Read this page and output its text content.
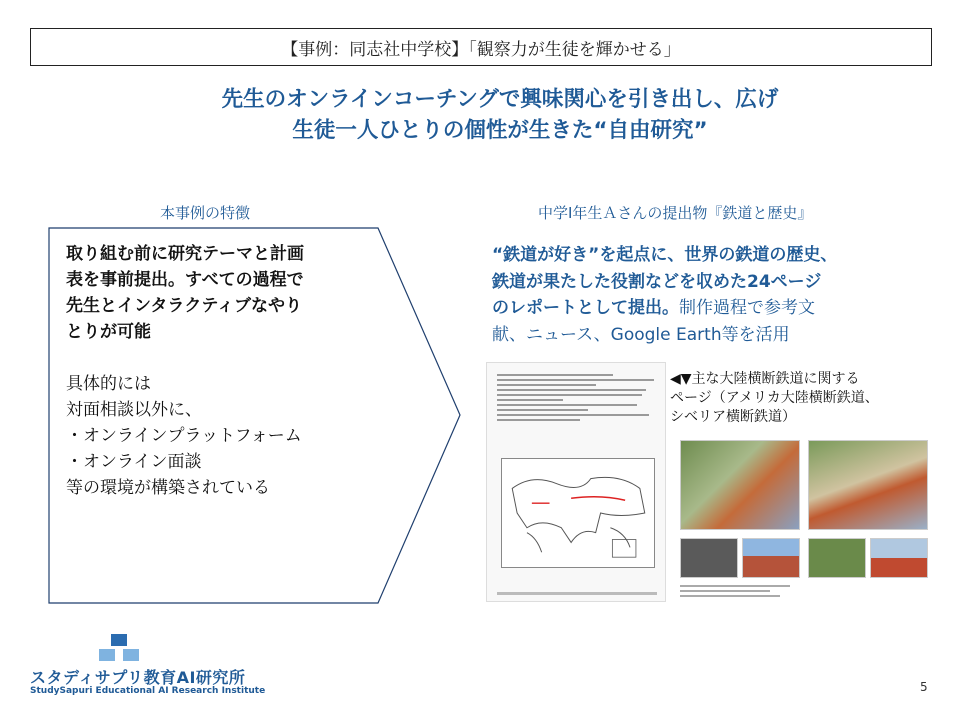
【事例：同志社中学校】「観察力が生徒を輝かせる」
先生のオンラインコーチングで興味関心を引き出し、広げ
生徒一人ひとりの個性が生きた“自由研究”
本事例の特徴	中学I年生Ａさんの提出物『鉄道と歴史』
取り組む前に研究テーマと計画
表を事前提出。すべての過程で
先生とインタラクティブなやり
とりが可能
具体的には
対面相談以外に、
・オンラインプラットフォーム
・オンライン面談
等の環境が構築されている
“鉄道が好き”を起点に、世界の鉄道の歴史、
鉄道が果たした役割などを収めた24ページ
のレポートとして提出。制作過程で参考文
献、ニュース、Google Earth等を活用
◀▼主な大陸横断鉄道に関する
ページ（アメリカ大陸横断鉄道、
シベリア横断鉄道）
スタディサプリ教育AI研究所
StudySapuri Educational AI Research Institute	5
